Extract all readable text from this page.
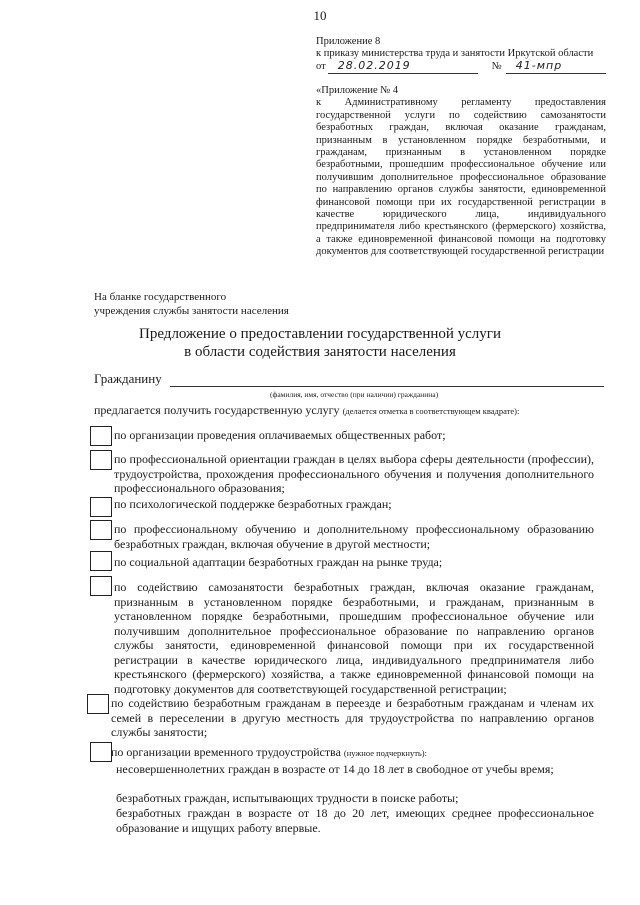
10
Приложение 8
к приказу министерства труда и занятости Иркутской области
от 28.02.2019	№ 41-мпр
«Приложение № 4
к Административному регламенту предоставления государственной услуги по содействию самозанятости безработных граждан, включая оказание гражданам, признанным в установленном порядке безработными, и гражданам, признанным в установленном порядке безработными, прошедшим профессиональное обучение или получившим дополнительное профессиональное образование по направлению органов службы занятости, единовременной финансовой помощи при их государственной регистрации в качестве юридического лица, индивидуального предпринимателя либо крестьянского (фермерского) хозяйства, а также единовременной финансовой помощи на подготовку документов для соответствующей государственной регистрации
На бланке государственного
учреждения службы занятости населения
Предложение о предоставлении государственной услуги
в области содействия занятости населения
Гражданину
(фамилия, имя, отчество (при наличии) гражданина)
предлагается получить государственную услугу (делается отметка в соответствующем квадрате):
по организации проведения оплачиваемых общественных работ;
по профессиональной ориентации граждан в целях выбора сферы деятельности (профессии), трудоустройства, прохождения профессионального обучения и получения дополнительного профессионального образования;
по психологической поддержке безработных граждан;
по профессиональному обучению и дополнительному профессиональному образованию безработных граждан, включая обучение в другой местности;
по социальной адаптации безработных граждан на рынке труда;
по содействию самозанятости безработных граждан, включая оказание гражданам, признанным в установленном порядке безработными, и гражданам, признанным в установленном порядке безработными, прошедшим профессиональное обучение или получившим дополнительное профессиональное образование по направлению органов службы занятости, единовременной финансовой помощи при их государственной регистрации в качестве юридического лица, индивидуального предпринимателя либо крестьянского (фермерского) хозяйства, а также единовременной финансовой помощи на подготовку документов для соответствующей государственной регистрации;
по содействию безработным гражданам в переезде и безработным гражданам и членам их семей в переселении в другую местность для трудоустройства по направлению органов службы занятости;
по организации временного трудоустройства (нужное подчеркнуть):
несовершеннолетних граждан в возрасте от 14 до 18 лет в свободное от учебы время;
безработных граждан, испытывающих трудности в поиске работы;
безработных граждан в возрасте от 18 до 20 лет, имеющих среднее профессиональное образование и ищущих работу впервые.
